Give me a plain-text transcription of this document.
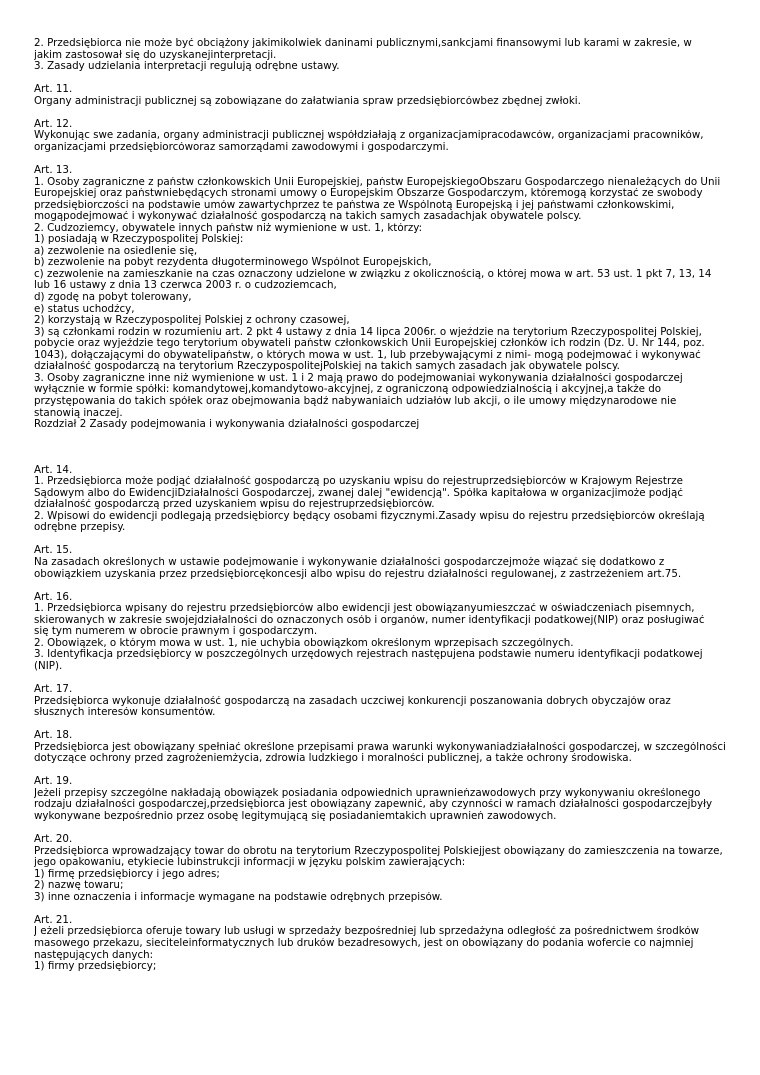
2. Przedsiębiorca nie może być obciążony jakimikolwiek daninami publicznymi,sankcjami finansowymi lub karami w zakresie, w
jakim zastosował się do uzyskanejinterpretacji.
3. Zasady udzielania interpretacji regulują odrębne ustawy.
Art. 11.
Organy administracji publicznej są zobowiązane do załatwiania spraw przedsiębiorcówbez zbędnej zwłoki.
Art. 12.
Wykonując swe zadania, organy administracji publicznej współdziałają z organizacjamipracodawców, organizacjami pracowników,
organizacjami przedsiębiorcóworaz samorządami zawodowymi i gospodarczymi.
Art. 13.
1. Osoby zagraniczne z państw członkowskich Unii Europejskiej, państw EuropejskiegoObszaru Gospodarczego nienależących do Unii
Europejskiej oraz państwniebędących stronami umowy o Europejskim Obszarze Gospodarczym, któremogą korzystać ze swobody
przedsiębiorczości na podstawie umów zawartychprzez te państwa ze Wspólnotą Europejską i jej państwami członkowskimi,
mogąpodejmować i wykonywać działalność gospodarczą na takich samych zasadachjak obywatele polscy.
2. Cudzoziemcy, obywatele innych państw niż wymienione w ust. 1, którzy:
1) posiadają w Rzeczypospolitej Polskiej:
a) zezwolenie na osiedlenie się,
b) zezwolenie na pobyt rezydenta długoterminowego Wspólnot Europejskich,
c) zezwolenie na zamieszkanie na czas oznaczony udzielone w związku z okolicznością, o której mowa w art. 53 ust. 1 pkt 7, 13, 14
lub 16 ustawy z dnia 13 czerwca 2003 r. o cudzoziemcach,
d) zgodę na pobyt tolerowany,
e) status uchodźcy,
2) korzystają w Rzeczypospolitej Polskiej z ochrony czasowej,
3) są członkami rodzin w rozumieniu art. 2 pkt 4 ustawy z dnia 14 lipca 2006r. o wjeździe na terytorium Rzeczypospolitej Polskiej,
pobycie oraz wyjeździe tego terytorium obywateli państw członkowskich Unii Europejskiej członków ich rodzin (Dz. U. Nr 144, poz.
1043), dołączającymi do obywatelipaństw, o których mowa w ust. 1, lub przebywającymi z nimi- mogą podejmować i wykonywać
działalność gospodarczą na terytorium RzeczypospolitejPolskiej na takich samych zasadach jak obywatele polscy.
3. Osoby zagraniczne inne niż wymienione w ust. 1 i 2 mają prawo do podejmowaniai wykonywania działalności gospodarczej
wyłącznie w formie spółki: komandytowej,komandytowo-akcyjnej, z ograniczoną odpowiedzialnością i akcyjnej,a także do
przystępowania do takich spółek oraz obejmowania bądź nabywaniaich udziałów lub akcji, o ile umowy międzynarodowe nie
stanowią inaczej.
Rozdział 2 Zasady podejmowania i wykonywania działalności gospodarczej
Art. 14.
1. Przedsiębiorca może podjąć działalność gospodarczą po uzyskaniu wpisu do rejestruprzedsiębiorców w Krajowym Rejestrze
Sądowym albo do EwidencjiDziałalności Gospodarczej, zwanej dalej "ewidencją". Spółka kapitałowa w organizacjimoże podjąć
działalność gospodarczą przed uzyskaniem wpisu do rejestruprzedsiębiorców.
2. Wpisowi do ewidencji podlegają przedsiębiorcy będący osobami fizycznymi.Zasady wpisu do rejestru przedsiębiorców określają
odrębne przepisy.
Art. 15.
Na zasadach określonych w ustawie podejmowanie i wykonywanie działalności gospodarczejmoże wiązać się dodatkowo z
obowiązkiem uzyskania przez przedsiębiorcękoncesji albo wpisu do rejestru działalności regulowanej, z zastrzeżeniem art.75.
Art. 16.
1. Przedsiębiorca wpisany do rejestru przedsiębiorców albo ewidencji jest obowiązanyumieszczać w oświadczeniach pisemnych,
skierowanych w zakresie swojejdziałalności do oznaczonych osób i organów, numer identyfikacji podatkowej(NIP) oraz posługiwać
się tym numerem w obrocie prawnym i gospodarczym.
2. Obowiązek, o którym mowa w ust. 1, nie uchybia obowiązkom określonym wprzepisach szczególnych.
3. Identyfikacja przedsiębiorcy w poszczególnych urzędowych rejestrach następujena podstawie numeru identyfikacji podatkowej
(NIP).
Art. 17.
Przedsiębiorca wykonuje działalność gospodarczą na zasadach uczciwej konkurencji poszanowania dobrych obyczajów oraz
słusznych interesów konsumentów.
Art. 18.
Przedsiębiorca jest obowiązany spełniać określone przepisami prawa warunki wykonywaniadziałalności gospodarczej, w szczególności
dotyczące ochrony przed zagrożeniemżycia, zdrowia ludzkiego i moralności publicznej, a także ochrony środowiska.
Art. 19.
Jeżeli przepisy szczególne nakładają obowiązek posiadania odpowiednich uprawnieńzawodowych przy wykonywaniu określonego
rodzaju działalności gospodarczej,przedsiębiorca jest obowiązany zapewnić, aby czynności w ramach działalności gospodarczejbyły
wykonywane bezpośrednio przez osobę legitymującą się posiadaniemtakich uprawnień zawodowych.
Art. 20.
Przedsiębiorca wprowadzający towar do obrotu na terytorium Rzeczypospolitej Polskiejjest obowiązany do zamieszczenia na towarze,
jego opakowaniu, etykiecie lubinstrukcji informacji w języku polskim zawierających:
1) firmę przedsiębiorcy i jego adres;
2) nazwę towaru;
3) inne oznaczenia i informacje wymagane na podstawie odrębnych przepisów.
Art. 21.
J eżeli przedsiębiorca oferuje towary lub usługi w sprzedaży bezpośredniej lub sprzedażyna odległość za pośrednictwem środków
masowego przekazu, sieciteleinformatycznych lub druków bezadresowych, jest on obowiązany do podania wofercie co najmniej
następujących danych:
1) firmy przedsiębiorcy;
